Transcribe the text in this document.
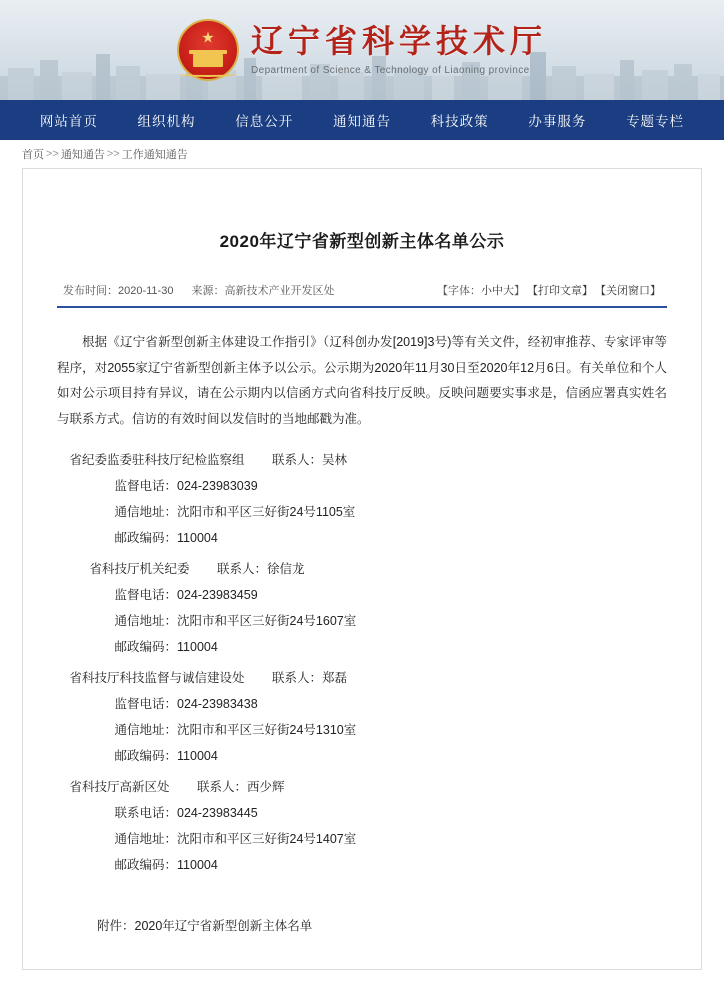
★ 辽宁省科学技术厅
Department of Science & Technology of Liaoning province
网站首页	组织机构	信息公开	通知通告	科技政策	办事服务	专题专栏
首页 >> 通知通告 >> 工作通知通告
2020年辽宁省新型创新主体名单公示
发布时间：2020-11-30 来源：高新技术产业开发区处	【字体：小中大】 【打印文章】 【关闭窗口】

根据《辽宁省新型创新主体建设工作指引》（辽科创办发[2019]3号)等有关文件，经初审推荐、专家评审等程序，对2055家辽宁省新型创新主体予以公示。公示期为2020年11月30日至2020年12月6日。有关单位和个人如对公示项目持有异议，请在公示期内以信函方式向省科技厅反映。反映问题要实事求是，信函应署真实姓名与联系方式。信访的有效时间以发信时的当地邮戳为准。

省纪委监委驻科技厅纪检监察组 联系人：吴林
监督电话：024-23983039
通信地址：沈阳市和平区三好街24号1105室
邮政编码：110004
省科技厅机关纪委 联系人：徐信龙
监督电话：024-23983459
通信地址：沈阳市和平区三好街24号1607室
邮政编码：110004
省科技厅科技监督与诚信建设处 联系人：郑磊
监督电话：024-23983438
通信地址：沈阳市和平区三好街24号1310室
邮政编码：110004
省科技厅高新区处 联系人：西少辉
联系电话：024-23983445
通信地址：沈阳市和平区三好街24号1407室
邮政编码：110004
附件：2020年辽宁省新型创新主体名单
